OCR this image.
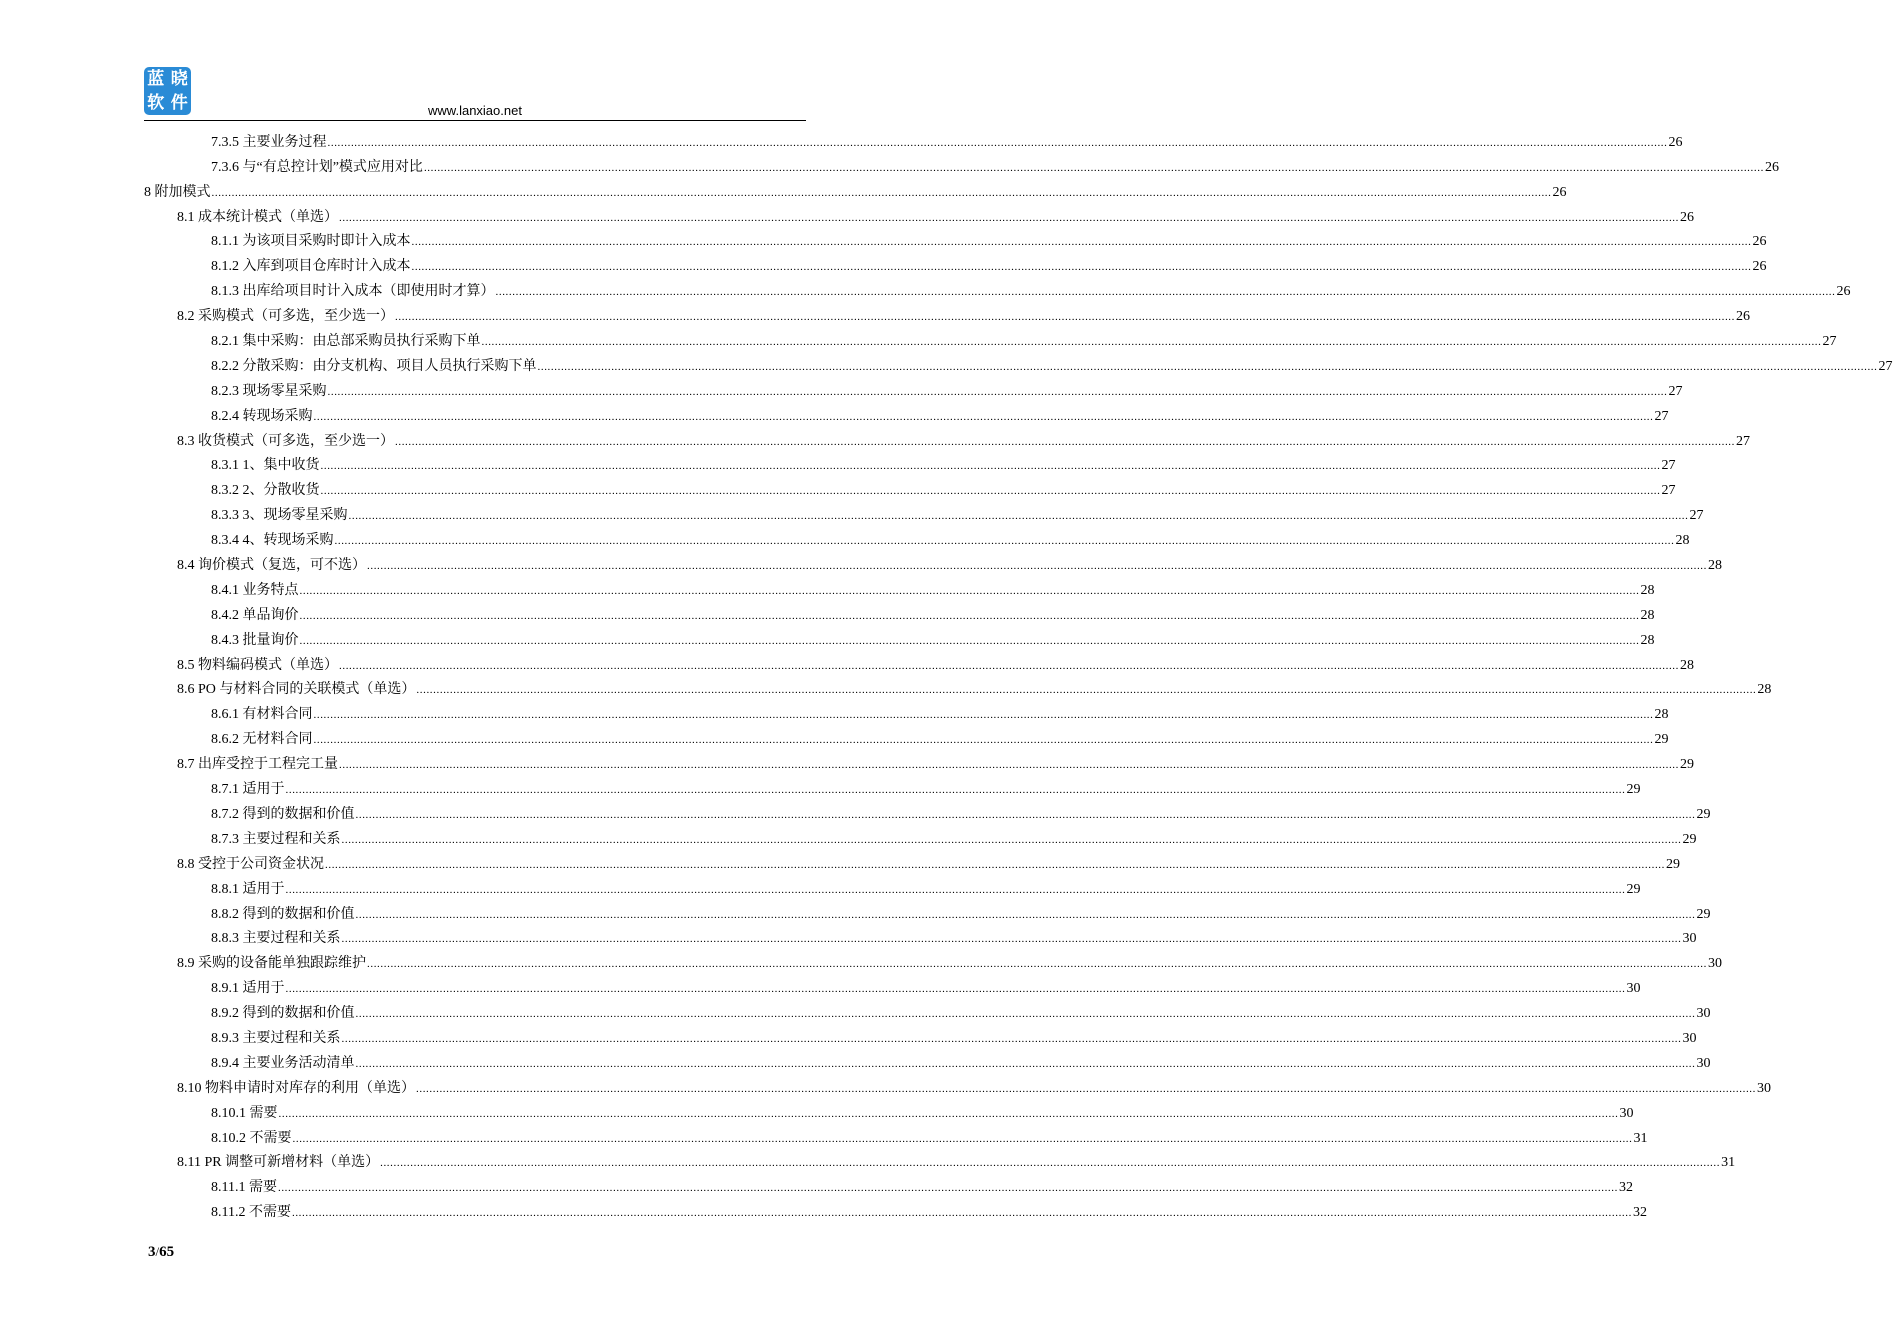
蓝 晓
软 件	www.lanxiao.net
7.3.5 主要业务过程 ................................................................................................................................................................................................................................................................................................................................................................................................................ 26
7.3.6 与“有总控计划”模式应用对比 ................................................................................................................................................................................................................................................................................................................................................................................................................ 26
8 附加模式 ................................................................................................................................................................................................................................................................................................................................................................................................................ 26
8.1 成本统计模式（单选） ................................................................................................................................................................................................................................................................................................................................................................................................................ 26
8.1.1 为该项目采购时即计入成本 ................................................................................................................................................................................................................................................................................................................................................................................................................ 26
8.1.2 入库到项目仓库时计入成本 ................................................................................................................................................................................................................................................................................................................................................................................................................ 26
8.1.3 出库给项目时计入成本（即使用时才算） ................................................................................................................................................................................................................................................................................................................................................................................................................ 26
8.2 采购模式（可多选，至少选一） ................................................................................................................................................................................................................................................................................................................................................................................................................ 26
8.2.1 集中采购：由总部采购员执行采购下单 ................................................................................................................................................................................................................................................................................................................................................................................................................ 27
8.2.2 分散采购：由分支机构、项目人员执行采购下单 ................................................................................................................................................................................................................................................................................................................................................................................................................ 27
8.2.3 现场零星采购 ................................................................................................................................................................................................................................................................................................................................................................................................................ 27
8.2.4 转现场采购 ................................................................................................................................................................................................................................................................................................................................................................................................................ 27
8.3 收货模式（可多选，至少选一） ................................................................................................................................................................................................................................................................................................................................................................................................................ 27
8.3.1 1、集中收货 ................................................................................................................................................................................................................................................................................................................................................................................................................ 27
8.3.2 2、分散收货 ................................................................................................................................................................................................................................................................................................................................................................................................................ 27
8.3.3 3、现场零星采购 ................................................................................................................................................................................................................................................................................................................................................................................................................ 27
8.3.4 4、转现场采购 ................................................................................................................................................................................................................................................................................................................................................................................................................ 28
8.4 询价模式（复选，可不选） ................................................................................................................................................................................................................................................................................................................................................................................................................ 28
8.4.1 业务特点 ................................................................................................................................................................................................................................................................................................................................................................................................................ 28
8.4.2 单品询价 ................................................................................................................................................................................................................................................................................................................................................................................................................ 28
8.4.3 批量询价 ................................................................................................................................................................................................................................................................................................................................................................................................................ 28
8.5 物料编码模式（单选） ................................................................................................................................................................................................................................................................................................................................................................................................................ 28
8.6 PO 与材料合同的关联模式（单选） ................................................................................................................................................................................................................................................................................................................................................................................................................ 28
8.6.1 有材料合同 ................................................................................................................................................................................................................................................................................................................................................................................................................ 28
8.6.2 无材料合同 ................................................................................................................................................................................................................................................................................................................................................................................................................ 29
8.7 出库受控于工程完工量 ................................................................................................................................................................................................................................................................................................................................................................................................................ 29
8.7.1 适用于 ................................................................................................................................................................................................................................................................................................................................................................................................................ 29
8.7.2 得到的数据和价值 ................................................................................................................................................................................................................................................................................................................................................................................................................ 29
8.7.3 主要过程和关系 ................................................................................................................................................................................................................................................................................................................................................................................................................ 29
8.8 受控于公司资金状况 ................................................................................................................................................................................................................................................................................................................................................................................................................ 29
8.8.1 适用于 ................................................................................................................................................................................................................................................................................................................................................................................................................ 29
8.8.2 得到的数据和价值 ................................................................................................................................................................................................................................................................................................................................................................................................................ 29
8.8.3 主要过程和关系 ................................................................................................................................................................................................................................................................................................................................................................................................................ 30
8.9 采购的设备能单独跟踪维护 ................................................................................................................................................................................................................................................................................................................................................................................................................ 30
8.9.1 适用于 ................................................................................................................................................................................................................................................................................................................................................................................................................ 30
8.9.2 得到的数据和价值 ................................................................................................................................................................................................................................................................................................................................................................................................................ 30
8.9.3 主要过程和关系 ................................................................................................................................................................................................................................................................................................................................................................................................................ 30
8.9.4 主要业务活动清单 ................................................................................................................................................................................................................................................................................................................................................................................................................ 30
8.10 物料申请时对库存的利用（单选） ................................................................................................................................................................................................................................................................................................................................................................................................................ 30
8.10.1 需要 ................................................................................................................................................................................................................................................................................................................................................................................................................ 30
8.10.2 不需要 ................................................................................................................................................................................................................................................................................................................................................................................................................ 31
8.11 PR 调整可新增材料（单选） ................................................................................................................................................................................................................................................................................................................................................................................................................ 31
8.11.1 需要 ................................................................................................................................................................................................................................................................................................................................................................................................................ 32
8.11.2 不需要 ................................................................................................................................................................................................................................................................................................................................................................................................................ 32
3/65
